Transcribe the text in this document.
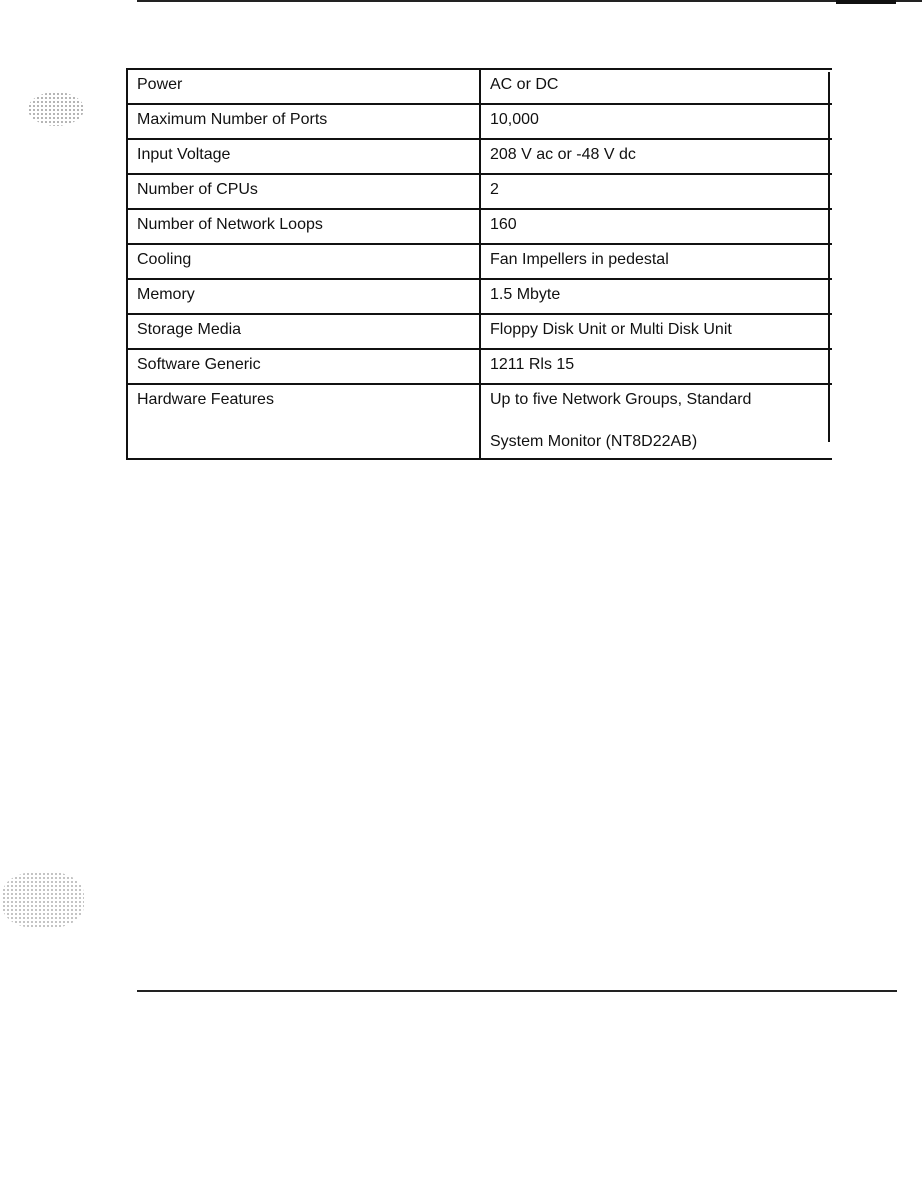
Power	AC or DC

Maximum Number of Ports	10,000

Input Voltage	208 V ac or -48 V dc

Number of CPUs	2

Number of Network Loops	160

Cooling	Fan Impellers in pedestal

Memory	1.5 Mbyte

Storage Media	Floppy Disk Unit or Multi Disk Unit

Software Generic	1211 Rls 15

Hardware Features	Up to five Network Groups, Standard
System Monitor (NT8D22AB)
